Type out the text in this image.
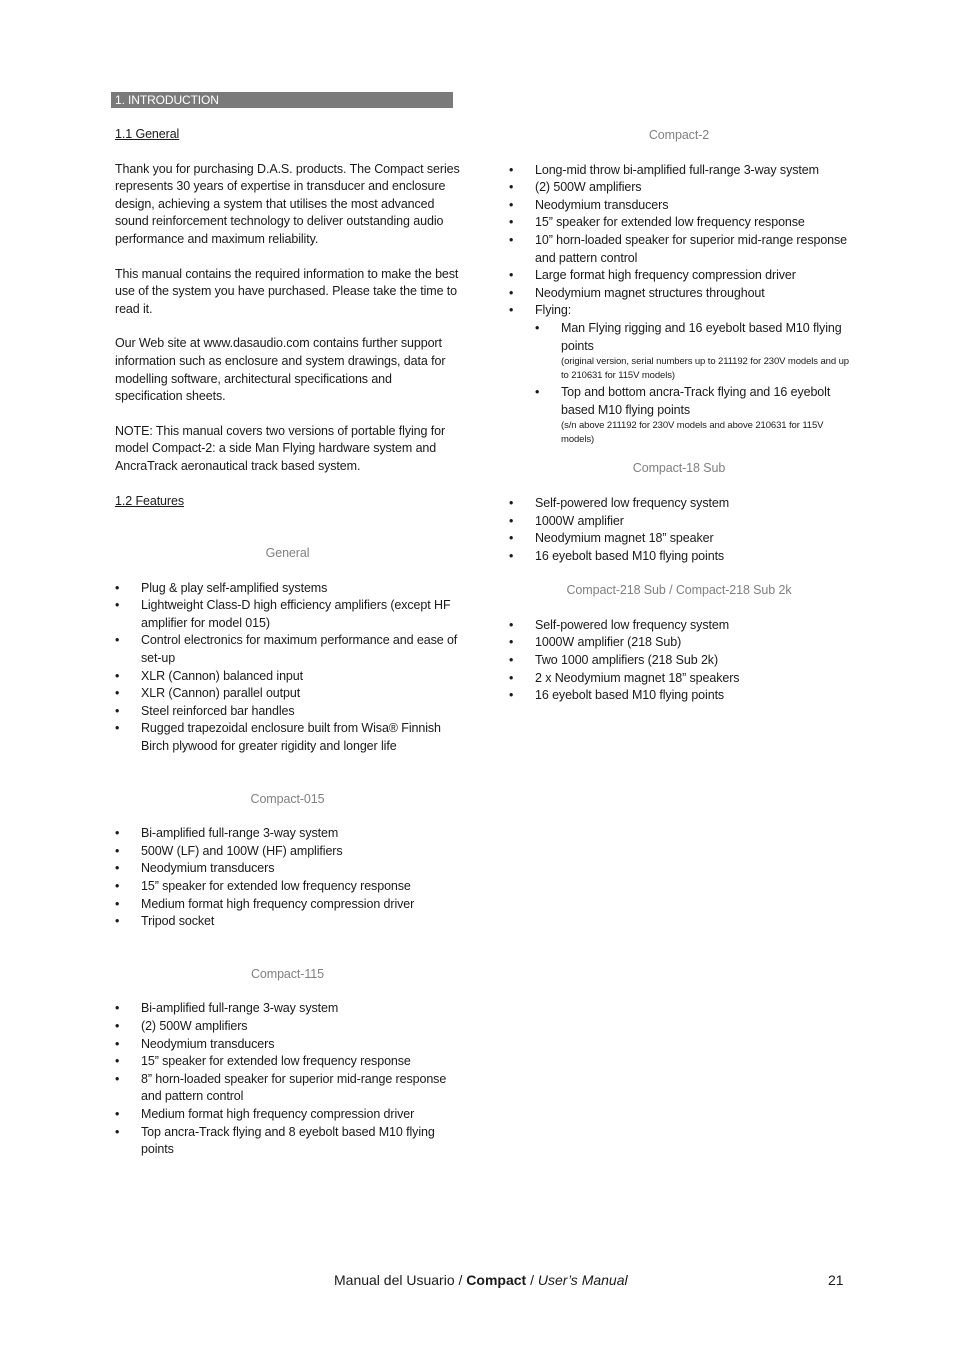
1. INTRODUCTION

1.1 General

Thank you for purchasing D.A.S. products. The Compact series represents 30 years of expertise in transducer and enclosure design, achieving a system that utilises the most advanced sound reinforcement technology to deliver outstanding audio performance and maximum reliability.

This manual contains the required information to make the best use of the system you have purchased. Please take the time to read it.

Our Web site at www.dasaudio.com contains further support information such as enclosure and system drawings, data for modelling software, architectural specifications and specification sheets.

NOTE: This manual covers two versions of portable flying for model Compact-2: a side Man Flying hardware system and AncraTrack aeronautical track based system.

1.2 Features

General

• Plug & play self-amplified systems
• Lightweight Class-D high efficiency amplifiers (except HF amplifier for model 015)
• Control electronics for maximum performance and ease of set-up
• XLR (Cannon) balanced input
• XLR (Cannon) parallel output
• Steel reinforced bar handles
• Rugged trapezoidal enclosure built from Wisa® Finnish Birch plywood for greater rigidity and longer life

Compact-015

• Bi-amplified full-range 3-way system
• 500W (LF) and 100W (HF) amplifiers
• Neodymium transducers
• 15” speaker for extended low frequency response
• Medium format high frequency compression driver
• Tripod socket

Compact-115

• Bi-amplified full-range 3-way system
• (2) 500W amplifiers
• Neodymium transducers
• 15” speaker for extended low frequency response
• 8” horn-loaded speaker for superior mid-range response and pattern control
• Medium format high frequency compression driver
• Top ancra-Track flying and 8 eyebolt based M10 flying points

Compact-2

• Long-mid throw bi-amplified full-range 3-way system
• (2) 500W amplifiers
• Neodymium transducers
• 15” speaker for extended low frequency response
• 10” horn-loaded speaker for superior mid-range response and pattern control
• Large format high frequency compression driver
• Neodymium magnet structures throughout
• Flying:
• Man Flying rigging and 16 eyebolt based M10 flying points
(original version, serial numbers up to 211192 for 230V models and up to 210631 for 115V models)
• Top and bottom ancra-Track flying and 16 eyebolt based M10 flying points
(s/n above 211192 for 230V models and above 210631 for 115V models)

Compact-18 Sub

• Self-powered low frequency system
• 1000W amplifier
• Neodymium magnet 18” speaker
• 16 eyebolt based M10 flying points

Compact-218 Sub / Compact-218 Sub 2k

• Self-powered low frequency system
• 1000W amplifier (218 Sub)
• Two 1000 amplifiers (218 Sub 2k)
• 2 x Neodymium magnet 18” speakers
• 16 eyebolt based M10 flying points
Manual del Usuario / Compact / User’s Manual	21
